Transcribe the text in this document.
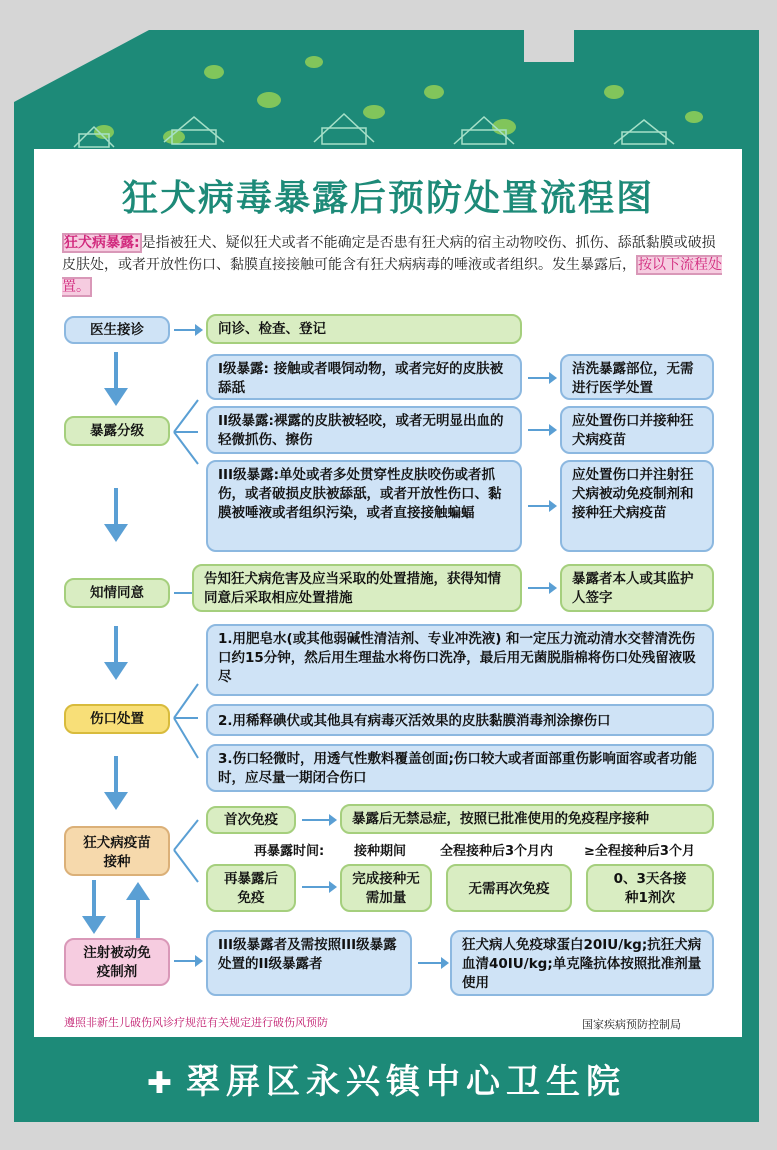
狂犬病毒暴露后预防处置流程图
狂犬病暴露: 是指被狂犬、疑似狂犬或者不能确定是否患有狂犬病的宿主动物咬伤、抓伤、舔舐黏膜或破损皮肤处，或者开放性伤口、黏膜直接接触可能含有狂犬病病毒的唾液或者组织。发生暴露后， 按以下流程处置。
医生接诊	问诊、检查、登记
暴露分级
I级暴露: 接触或者喂饲动物，或者完好的皮肤被舔舐
洁洗暴露部位，无需进行医学处置
II级暴露:裸露的皮肤被轻咬，或者无明显出血的轻微抓伤、擦伤
应处置伤口并接种狂犬病疫苗
III级暴露:单处或者多处贯穿性皮肤咬伤或者抓伤，或者破损皮肤被舔舐，或者开放性伤口、黏膜被唾液或者组织污染，或者直接接触蝙蝠
应处置伤口并注射狂犬病被动免疫制剂和接种狂犬病疫苗
知情同意
告知狂犬病危害及应当采取的处置措施，获得知情同意后采取相应处置措施
暴露者本人或其监护人签字
伤口处置
1.用肥皂水(或其他弱碱性清洁剂、专业冲洗液) 和一定压力流动清水交替清洗伤口约15分钟，然后用生理盐水将伤口洗净，最后用无菌脱脂棉将伤口处残留液吸尽
2.用稀释碘伏或其他具有病毒灭活效果的皮肤黏膜消毒剂涂擦伤口
3.伤口轻微时，用透气性敷料覆盖创面;伤口较大或者面部重伤影响面容或者功能时，应尽量一期闭合伤口
狂犬病疫苗接种
首次免疫	暴露后无禁忌症，按照已批准使用的免疫程序接种
再暴露时间: 接种期间	全程接种后3个月内 ≥全程接种后3个月
再暴露后免疫
完成接种无需加量
无需再次免疫
0、3天各接种1剂次
注射被动免疫制剂
III级暴露者及需按照III级暴露处置的II级暴露者
狂犬病人免疫球蛋白20IU/kg;抗狂犬病血清40IU/kg;单克隆抗体按照批准剂量使用
遵照非新生儿破伤风诊疗规范有关规定进行破伤风预防	国家疾病预防控制局
✚ 翠屏区永兴镇中心卫生院
